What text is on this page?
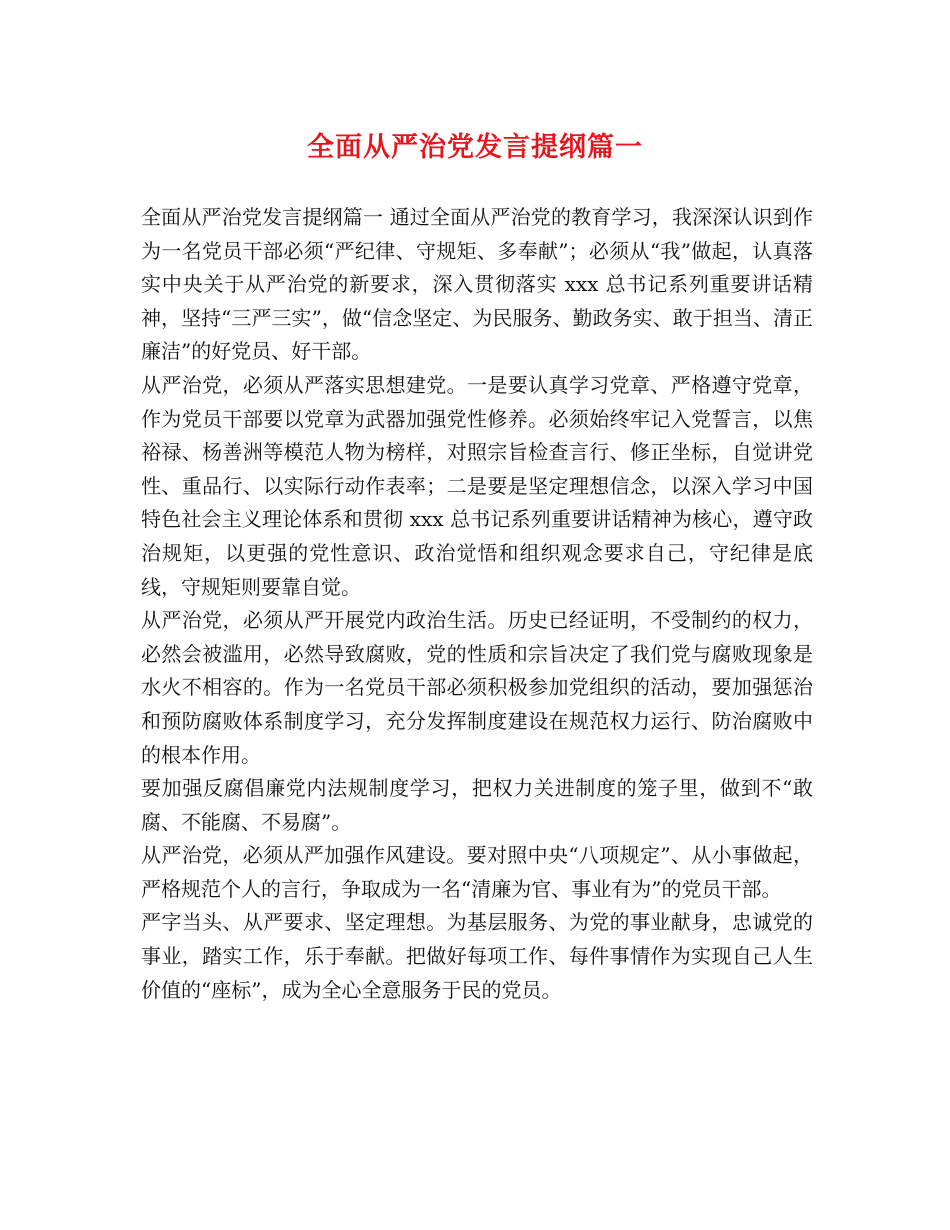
全面从严治党发言提纲篇一

全面从严治党发言提纲篇一 通过全面从严治党的教育学习，我深深认识到作为一名党员干部必须“严纪律、守规矩、多奉献”；必须从“我”做起，认真落实中央关于从严治党的新要求，深入贯彻落实 xxx 总书记系列重要讲话精神，坚持“三严三实”，做“信念坚定、为民服务、勤政务实、敢于担当、清正廉洁”的好党员、好干部。

从严治党，必须从严落实思想建党。一是要认真学习党章、严格遵守党章，作为党员干部要以党章为武器加强党性修养。必须始终牢记入党誓言，以焦裕禄、杨善洲等模范人物为榜样，对照宗旨检查言行、修正坐标，自觉讲党性、重品行、以实际行动作表率；二是要是坚定理想信念，以深入学习中国特色社会主义理论体系和贯彻 xxx 总书记系列重要讲话精神为核心，遵守政治规矩，以更强的党性意识、政治觉悟和组织观念要求自己，守纪律是底线，守规矩则要靠自觉。

从严治党，必须从严开展党内政治生活。历史已经证明，不受制约的权力，必然会被滥用，必然导致腐败，党的性质和宗旨决定了我们党与腐败现象是水火不相容的。作为一名党员干部必须积极参加党组织的活动，要加强惩治和预防腐败体系制度学习，充分发挥制度建设在规范权力运行、防治腐败中的根本作用。

要加强反腐倡廉党内法规制度学习，把权力关进制度的笼子里，做到不“敢腐、不能腐、不易腐”。

从严治党，必须从严加强作风建设。要对照中央“八项规定”、从小事做起，严格规范个人的言行，争取成为一名“清廉为官、事业有为”的党员干部。

严字当头、从严要求、坚定理想。为基层服务、为党的事业献身，忠诚党的事业，踏实工作，乐于奉献。把做好每项工作、每件事情作为实现自己人生价值的“座标”，成为全心全意服务于民的党员。
